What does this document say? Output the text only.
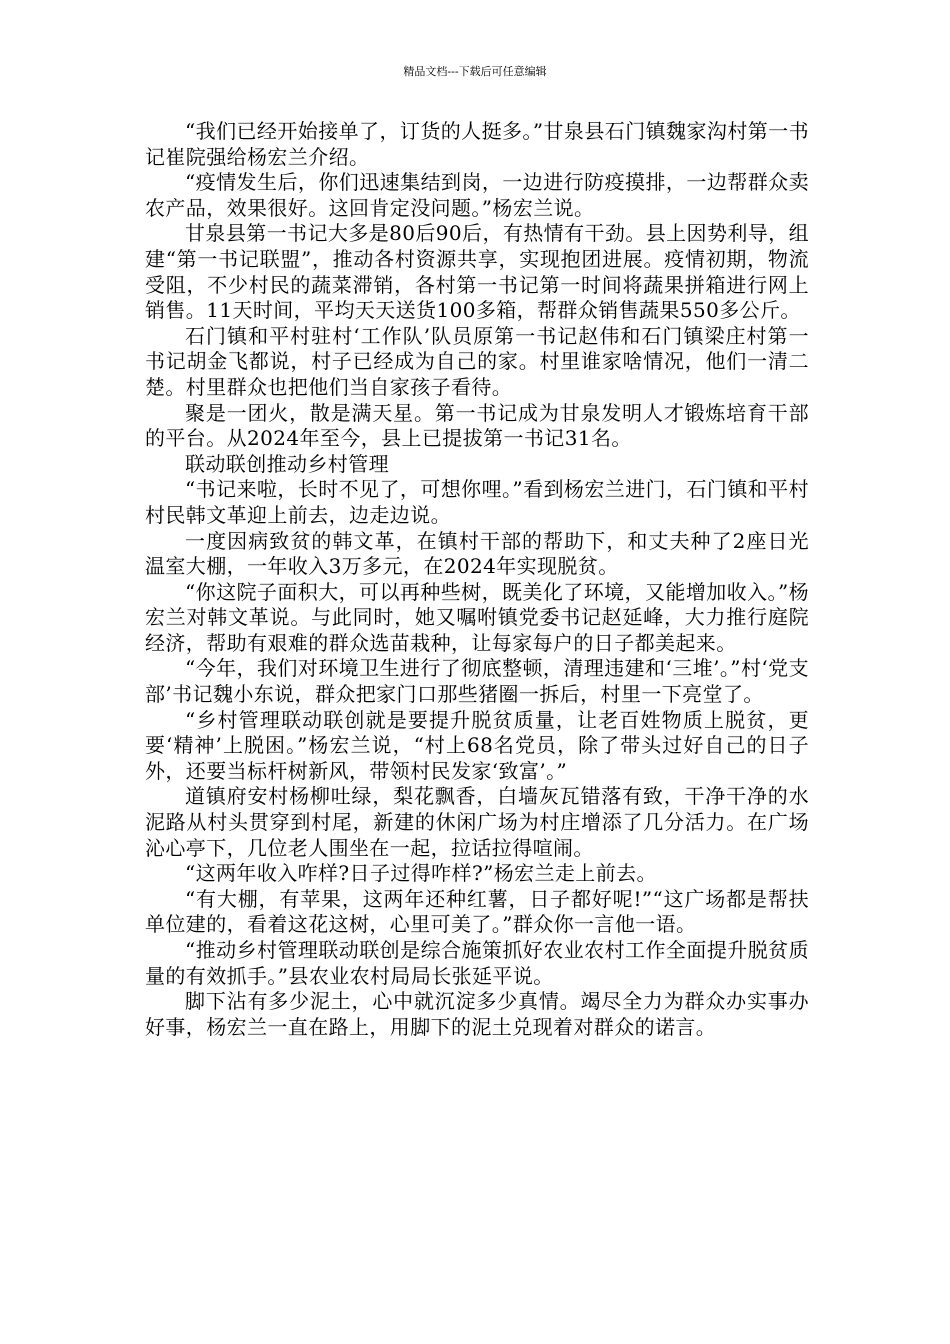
精品文档---下载后可任意编辑

“我们已经开始接单了，订货的人挺多。”甘泉县石门镇魏家沟村第一书记崔院强给杨宏兰介绍。

“疫情发生后，你们迅速集结到岗，一边进行防疫摸排，一边帮群众卖农产品，效果很好。这回肯定没问题。”杨宏兰说。

甘泉县第一书记大多是80后90后，有热情有干劲。县上因势利导，组建“第一书记联盟”，推动各村资源共享，实现抱团进展。疫情初期，物流受阻，不少村民的蔬菜滞销，各村第一书记第一时间将蔬果拼箱进行网上销售。11天时间，平均天天送货100多箱，帮群众销售蔬果550多公斤。

石门镇和平村驻村‘工作队’队员原第一书记赵伟和石门镇梁庄村第一书记胡金飞都说，村子已经成为自己的家。村里谁家啥情况，他们一清二楚。村里群众也把他们当自家孩子看待。

聚是一团火，散是满天星。第一书记成为甘泉发明人才锻炼培育干部的平台。从2024年至今，县上已提拔第一书记31名。

联动联创推动乡村管理

“书记来啦，长时不见了，可想你哩。”看到杨宏兰进门，石门镇和平村村民韩文革迎上前去，边走边说。

一度因病致贫的韩文革，在镇村干部的帮助下，和丈夫种了2座日光温室大棚，一年收入3万多元，在2024年实现脱贫。

“你这院子面积大，可以再种些树，既美化了环境，又能增加收入。”杨宏兰对韩文革说。与此同时，她又嘱咐镇党委书记赵延峰，大力推行庭院经济，帮助有艰难的群众选苗栽种，让每家每户的日子都美起来。

“今年，我们对环境卫生进行了彻底整顿，清理违建和‘三堆’。”村‘党支部’书记魏小东说，群众把家门口那些猪圈一拆后，村里一下亮堂了。

“乡村管理联动联创就是要提升脱贫质量，让老百姓物质上脱贫，更要‘精神’上脱困。”杨宏兰说，“村上68名党员，除了带头过好自己的日子外，还要当标杆树新风，带领村民发家‘致富’。”

道镇府安村杨柳吐绿，梨花飘香，白墙灰瓦错落有致，干净干净的水泥路从村头贯穿到村尾，新建的休闲广场为村庄增添了几分活力。在广场沁心亭下，几位老人围坐在一起，拉话拉得喧闹。

“这两年收入咋样?日子过得咋样?”杨宏兰走上前去。

“有大棚，有苹果，这两年还种红薯，日子都好呢!”“这广场都是帮扶单位建的，看着这花这树，心里可美了。”群众你一言他一语。

“推动乡村管理联动联创是综合施策抓好农业农村工作全面提升脱贫质量的有效抓手。”县农业农村局局长张延平说。

脚下沾有多少泥土，心中就沉淀多少真情。竭尽全力为群众办实事办好事，杨宏兰一直在路上，用脚下的泥土兑现着对群众的诺言。
